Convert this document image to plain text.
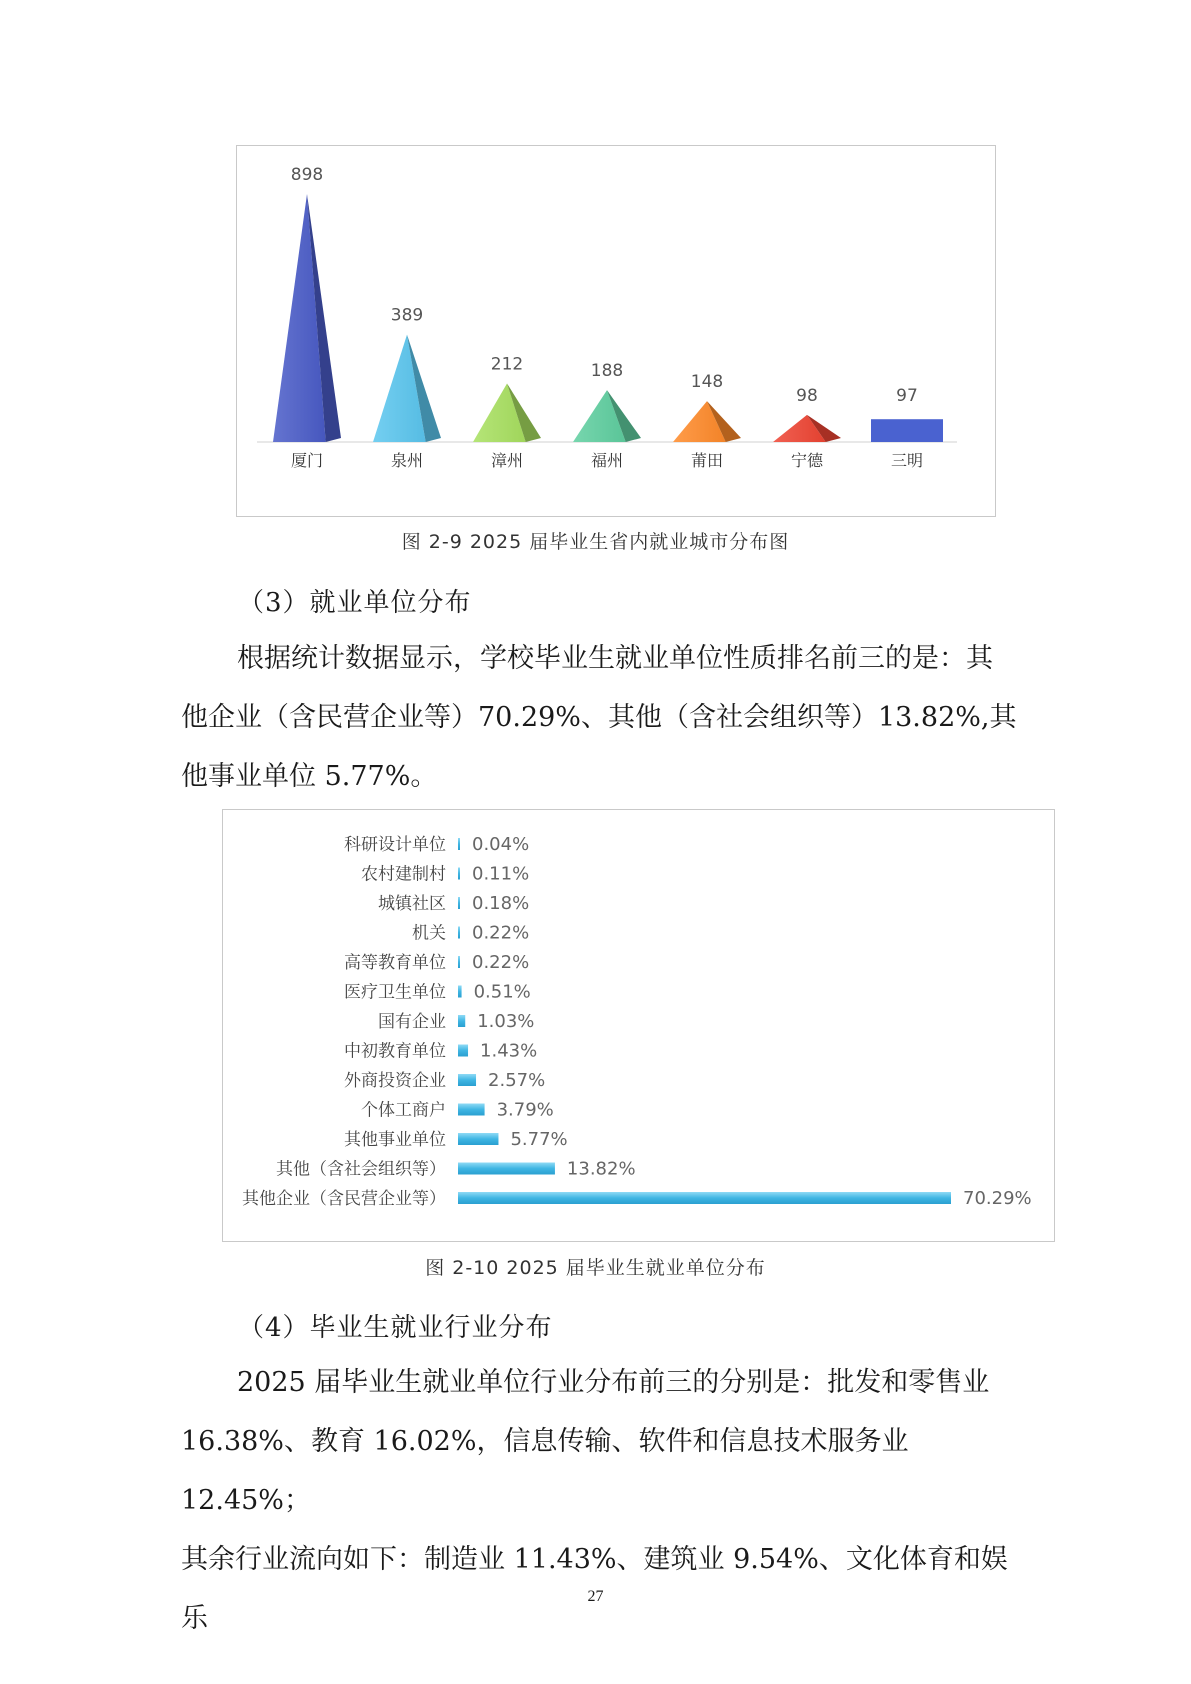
898
厦门
389
泉州
212
漳州
188
福州
148
莆田
98
宁德
97
三明
图 2-9 2025 届毕业生省内就业城市分布图
（3）就业单位分布

根据统计数据显示，学校毕业生就业单位性质排名前三的是：其

他企业（含民营企业等）70.29%、其他（含社会组织等）13.82%,其

他事业单位 5.77%。

科研设计单位 0.04%
农村建制村 0.11%
城镇社区 0.18%
机关 0.22%
高等教育单位 0.22%
医疗卫生单位 0.51%
国有企业 1.03%
中初教育单位 1.43%
外商投资企业 2.57%
个体工商户	3.79%
其他事业单位	5.77%
其他（含社会组织等）	13.82%
其他企业（含民营企业等）	70.29%
图 2-10 2025 届毕业生就业单位分布
（4）毕业生就业行业分布

2025 届毕业生就业单位行业分布前三的分别是：批发和零售业

16.38%、教育 16.02%，信息传输、软件和信息技术服务业 12.45%；

其余行业流向如下：制造业 11.43%、建筑业 9.54%、文化体育和娱乐

27
